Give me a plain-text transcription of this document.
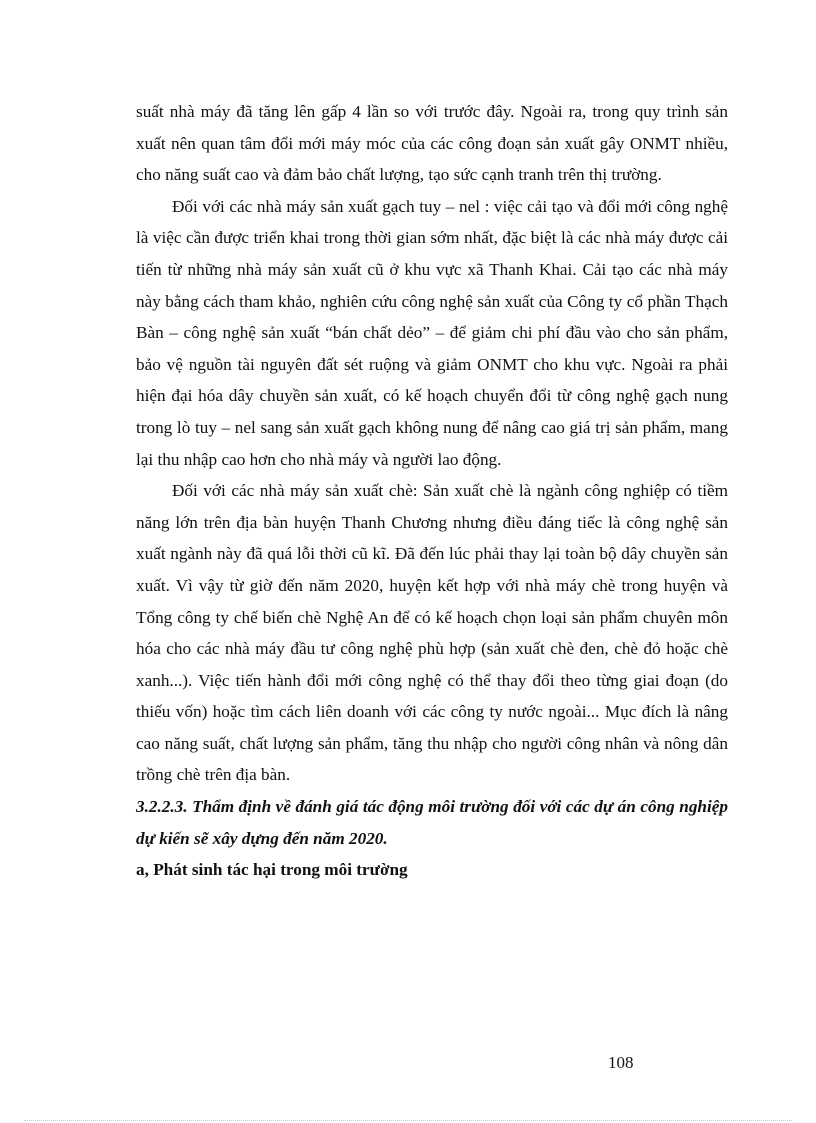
suất nhà máy đã tăng lên gấp 4 lần so với trước đây. Ngoài ra, trong quy trình sản xuất nên quan tâm đổi mới máy móc của các công đoạn sản xuất gây ONMT nhiều, cho năng suất cao và đảm bảo chất lượng, tạo sức cạnh tranh trên thị trường.

Đối với các nhà máy sản xuất gạch tuy – nel : việc cải tạo và đổi mới công nghệ là việc cần được triển khai trong thời gian sớm nhất, đặc biệt là các nhà máy được cải tiến từ những nhà máy sản xuất cũ ở khu vực xã Thanh Khai. Cải tạo các nhà máy này bằng cách tham khảo, nghiên cứu công nghệ sản xuất của Công ty cổ phần Thạch Bàn – công nghệ sản xuất “bán chất dẻo” – để giảm chi phí đầu vào cho sản phẩm, bảo vệ nguồn tài nguyên đất sét ruộng và giảm ONMT cho khu vực. Ngoài ra phải hiện đại hóa dây chuyền sản xuất, có kế hoạch chuyển đổi từ công nghệ gạch nung trong lò tuy – nel sang sản xuất gạch không nung để nâng cao giá trị sản phẩm, mang lại thu nhập cao hơn cho nhà máy và người lao động.

Đối với các nhà máy sản xuất chè: Sản xuất chè là ngành công nghiệp có tiềm năng lớn trên địa bàn huyện Thanh Chương nhưng điều đáng tiếc là công nghệ sản xuất ngành này đã quá lỗi thời cũ kĩ. Đã đến lúc phải thay lại toàn bộ dây chuyền sản xuất. Vì vậy từ giờ đến năm 2020, huyện kết hợp với nhà máy chè trong huyện và Tổng công ty chế biến chè Nghệ An để có kế hoạch chọn loại sản phẩm chuyên môn hóa cho các nhà máy đầu tư công nghệ phù hợp (sản xuất chè đen, chè đỏ hoặc chè xanh...). Việc tiến hành đổi mới công nghệ có thể thay đổi theo từng giai đoạn (do thiếu vốn) hoặc tìm cách liên doanh với các công ty nước ngoài... Mục đích là nâng cao năng suất, chất lượng sản phẩm, tăng thu nhập cho người công nhân và nông dân trồng chè trên địa bàn.

3.2.2.3. Thẩm định về đánh giá tác động môi trường đối với các dự án công nghiệp dự kiến sẽ xây dựng đến năm 2020.

a, Phát sinh tác hại trong môi trường

108
